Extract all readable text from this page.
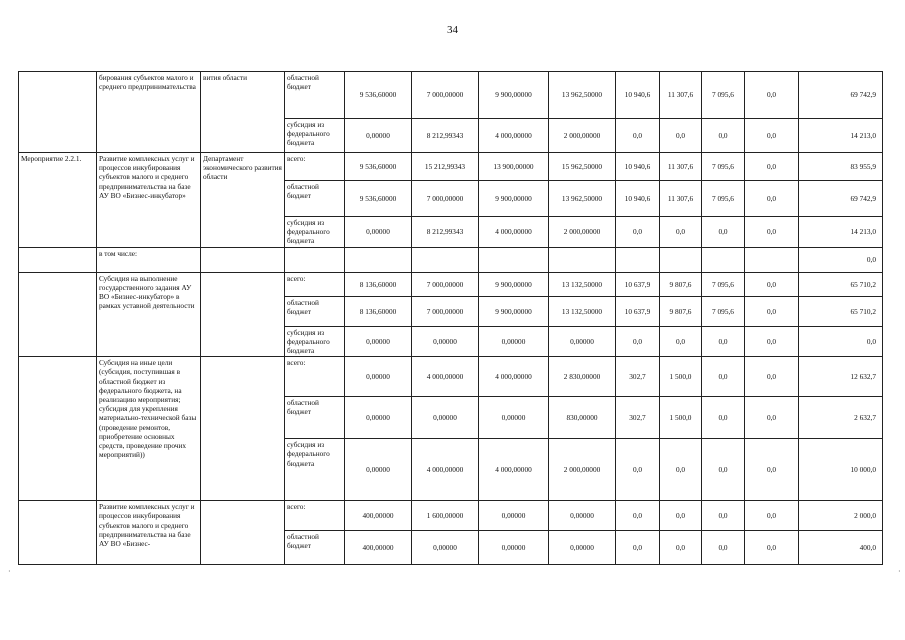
34
	бирования субъектов малого и среднего предпринимательства	вития области	областной бюджет	9 536,60000	7 000,00000	9 900,00000	13 962,50000	10 940,6	11 307,6	7 095,6	0,0	69 742,9
			субсидия из федерального бюджета	0,00000	8 212,99343	4 000,00000	2 000,00000	0,0	0,0	0,0	0,0	14 213,0
Мероприятие 2.2.1.	Развитие комплексных услуг и процессов инкубирования субъектов малого и среднего предпринимательства на базе АУ ВО «Бизнес-инкубатор»	Департамент экономического развития области	всего:	9 536,60000	15 212,99343	13 900,00000	15 962,50000	10 940,6	11 307,6	7 095,6	0,0	83 955,9
			областной бюджет	9 536,60000	7 000,00000	9 900,00000	13 962,50000	10 940,6	11 307,6	7 095,6	0,0	69 742,9
			субсидия из федерального бюджета	0,00000	8 212,99343	4 000,00000	2 000,00000	0,0	0,0	0,0	0,0	14 213,0
	в том числе:											0,0
	Субсидия на выполнение государственного задания АУ ВО «Бизнес-инкубатор» в рамках уставной деятельности		всего:	8 136,60000	7 000,00000	9 900,00000	13 132,50000	10 637,9	9 807,6	7 095,6	0,0	65 710,2
			областной бюджет	8 136,60000	7 000,00000	9 900,00000	13 132,50000	10 637,9	9 807,6	7 095,6	0,0	65 710,2
			субсидия из федерального бюджета	0,00000	0,00000	0,00000	0,00000	0,0	0,0	0,0	0,0	0,0
	Субсидия на иные цели (субсидия, поступившая в областной бюджет из федерального бюджета, на реализацию мероприятия; субсидия для укрепления материально-технической базы (проведение ремонтов, приобретение основных средств, проведение прочих мероприятий))		всего:	0,00000	4 000,00000	4 000,00000	2 830,00000	302,7	1 500,0	0,0	0,0	12 632,7
			областной бюджет	0,00000	0,00000	0,00000	830,00000	302,7	1 500,0	0,0	0,0	2 632,7
			субсидия из федерального бюджета	0,00000	4 000,00000	4 000,00000	2 000,00000	0,0	0,0	0,0	0,0	10 000,0
	Развитие комплексных услуг и процессов инкубирования субъектов малого и среднего предпринимательства на базе АУ ВО «Бизнес-		всего:	400,00000	1 600,00000	0,00000	0,00000	0,0	0,0	0,0	0,0	2 000,0
			областной бюджет	400,00000	0,00000	0,00000	0,00000	0,0	0,0	0,0	0,0	400,0
·	·
